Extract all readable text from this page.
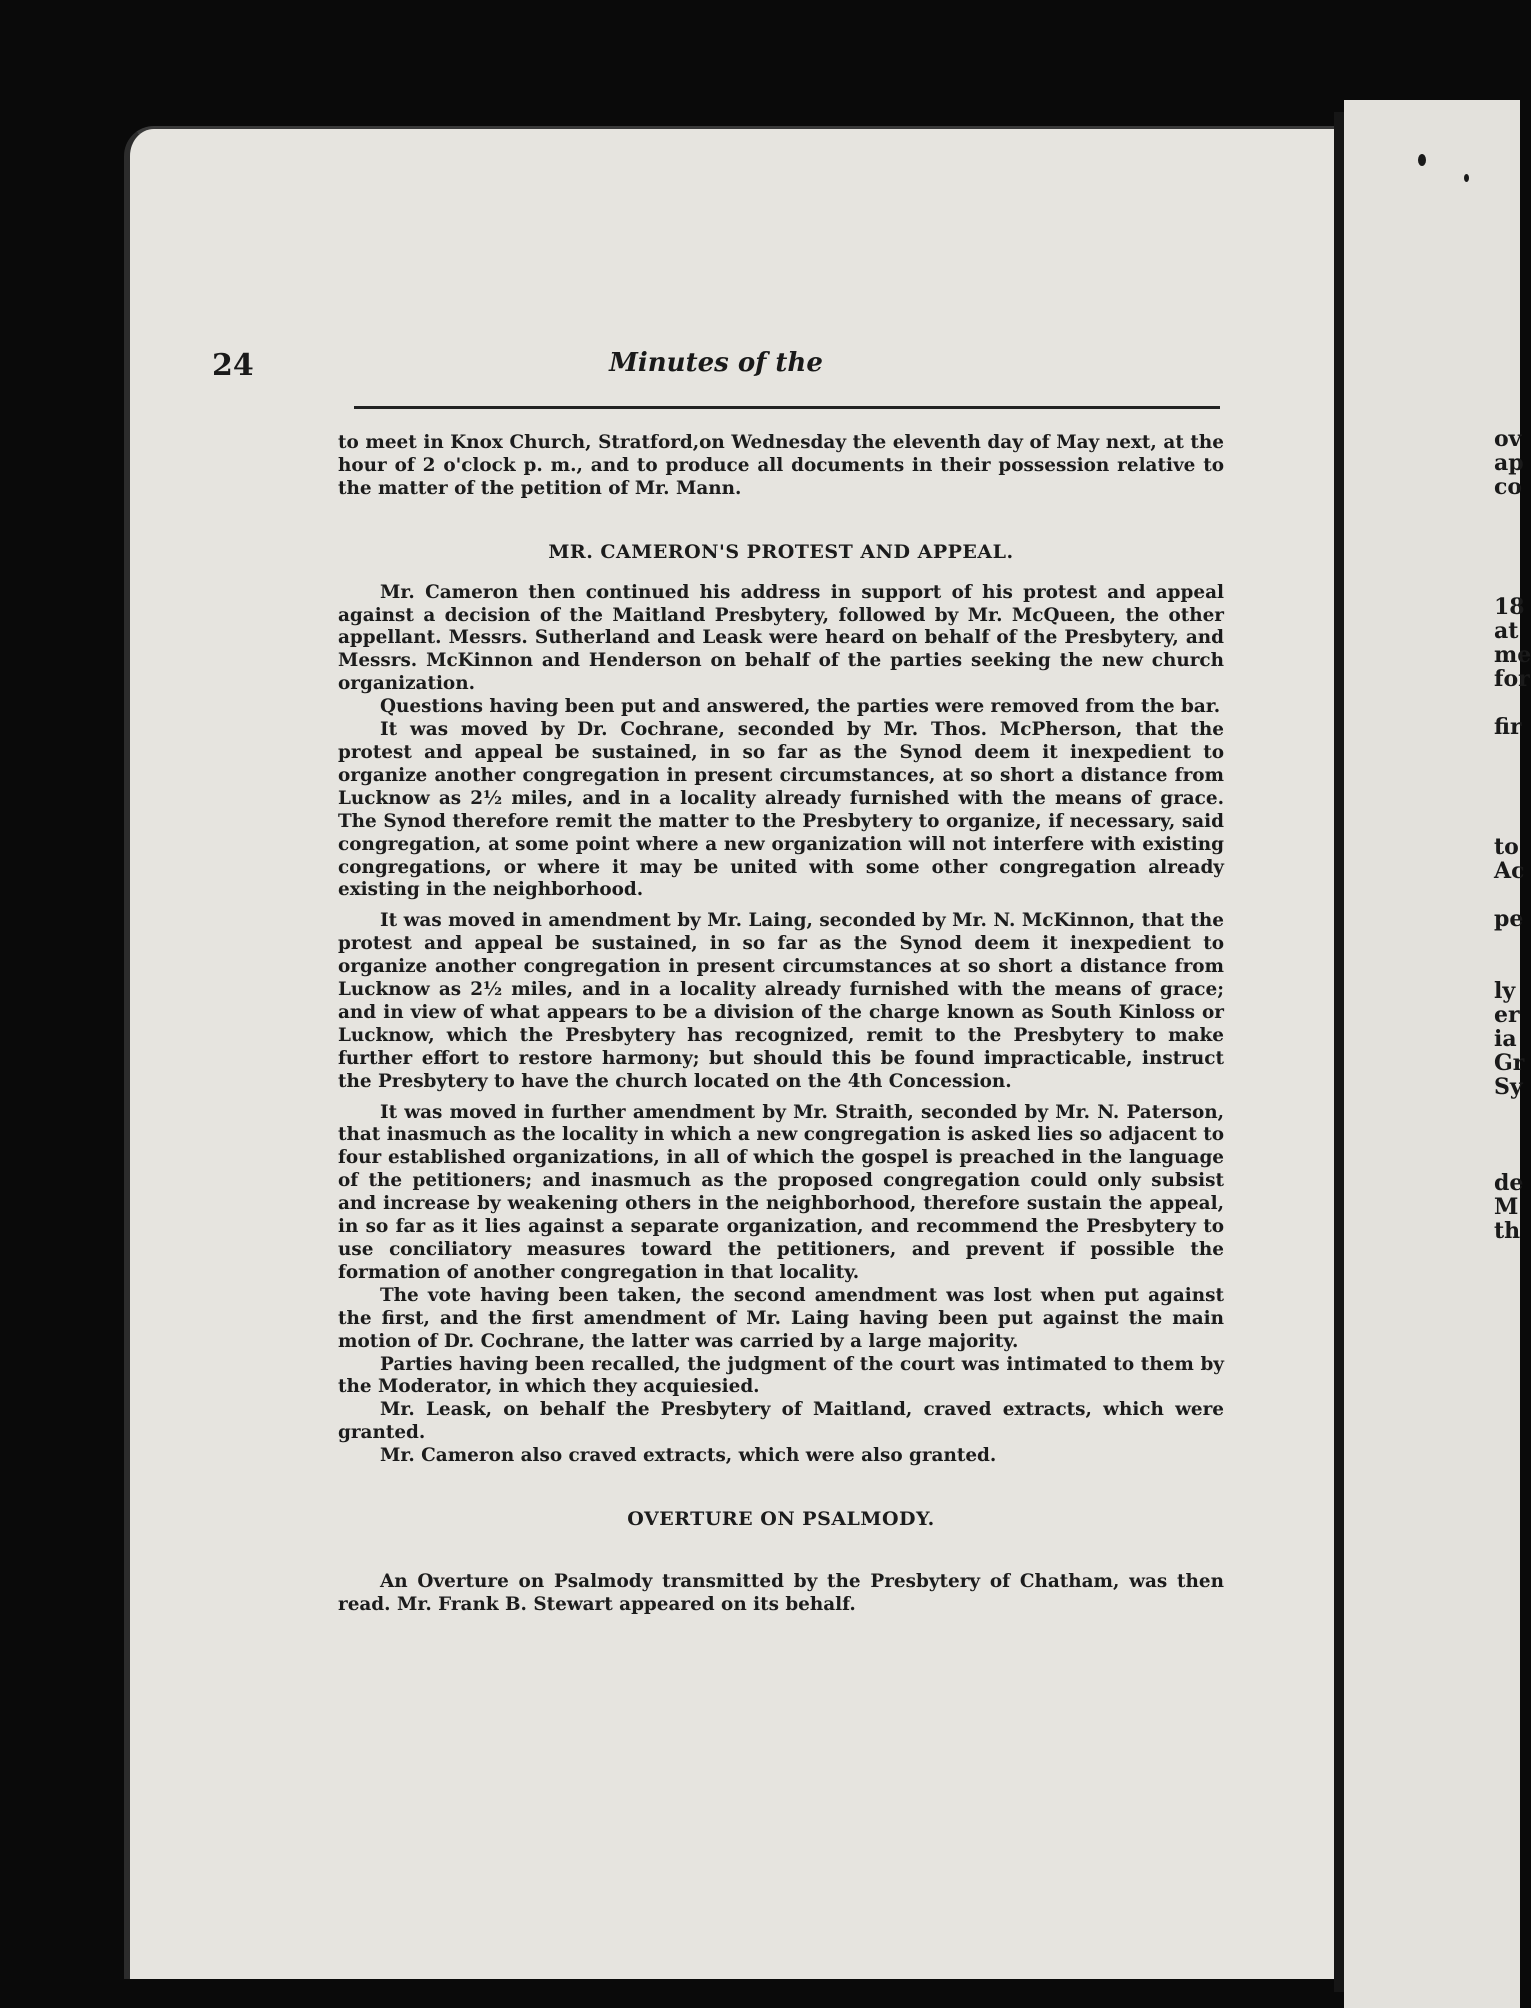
ov
ap
co
18
at
me
for
fir
to
Ac
pe
ly
er
ia
Gr
Sy
de
M
th
24	Minutes of the

to meet in Knox Church, Stratford,on Wednesday the eleventh day of May next, at the hour of 2 o'clock p. m., and to produce all documents in their possession relative to the matter of the petition of Mr. Mann.

MR. CAMERON'S PROTEST AND APPEAL.

Mr. Cameron then continued his address in support of his protest and appeal against a decision of the Maitland Presbytery, followed by Mr. McQueen, the other appellant. Messrs. Sutherland and Leask were heard on behalf of the Presbytery, and Messrs. McKinnon and Henderson on behalf of the parties seeking the new church organization.

Questions having been put and answered, the parties were removed from the bar.

It was moved by Dr. Cochrane, seconded by Mr. Thos. McPherson, that the protest and appeal be sustained, in so far as the Synod deem it inexpedient to organize another congregation in present circumstances, at so short a distance from Lucknow as 2½ miles, and in a locality already furnished with the means of grace. The Synod therefore remit the matter to the Presbytery to organize, if necessary, said congregation, at some point where a new organization will not interfere with existing congregations, or where it may be united with some other congregation already existing in the neighborhood.

It was moved in amendment by Mr. Laing, seconded by Mr. N. McKinnon, that the protest and appeal be sustained, in so far as the Synod deem it inexpedient to organize another congregation in present circumstances at so short a distance from Lucknow as 2½ miles, and in a locality already furnished with the means of grace; and in view of what appears to be a division of the charge known as South Kinloss or Lucknow, which the Presbytery has recognized, remit to the Presbytery to make further effort to restore harmony; but should this be found impracticable, instruct the Presbytery to have the church located on the 4th Concession.

It was moved in further amendment by Mr. Straith, seconded by Mr. N. Paterson, that inasmuch as the locality in which a new congregation is asked lies so adjacent to four established organizations, in all of which the gospel is preached in the language of the petitioners; and inasmuch as the proposed congregation could only subsist and increase by weakening others in the neighborhood, therefore sustain the appeal, in so far as it lies against a separate organization, and recommend the Presbytery to use conciliatory measures toward the petitioners, and prevent if possible the formation of another congregation in that locality.

The vote having been taken, the second amendment was lost when put against the first, and the first amendment of Mr. Laing having been put against the main motion of Dr. Cochrane, the latter was carried by a large majority.

Parties having been recalled, the judgment of the court was intimated to them by the Moderator, in which they acquiesied.

Mr. Leask, on behalf the Presbytery of Maitland, craved extracts, which were granted.

Mr. Cameron also craved extracts, which were also granted.

OVERTURE ON PSALMODY.

An Overture on Psalmody transmitted by the Presbytery of Chatham, was then read. Mr. Frank B. Stewart appeared on its behalf.
